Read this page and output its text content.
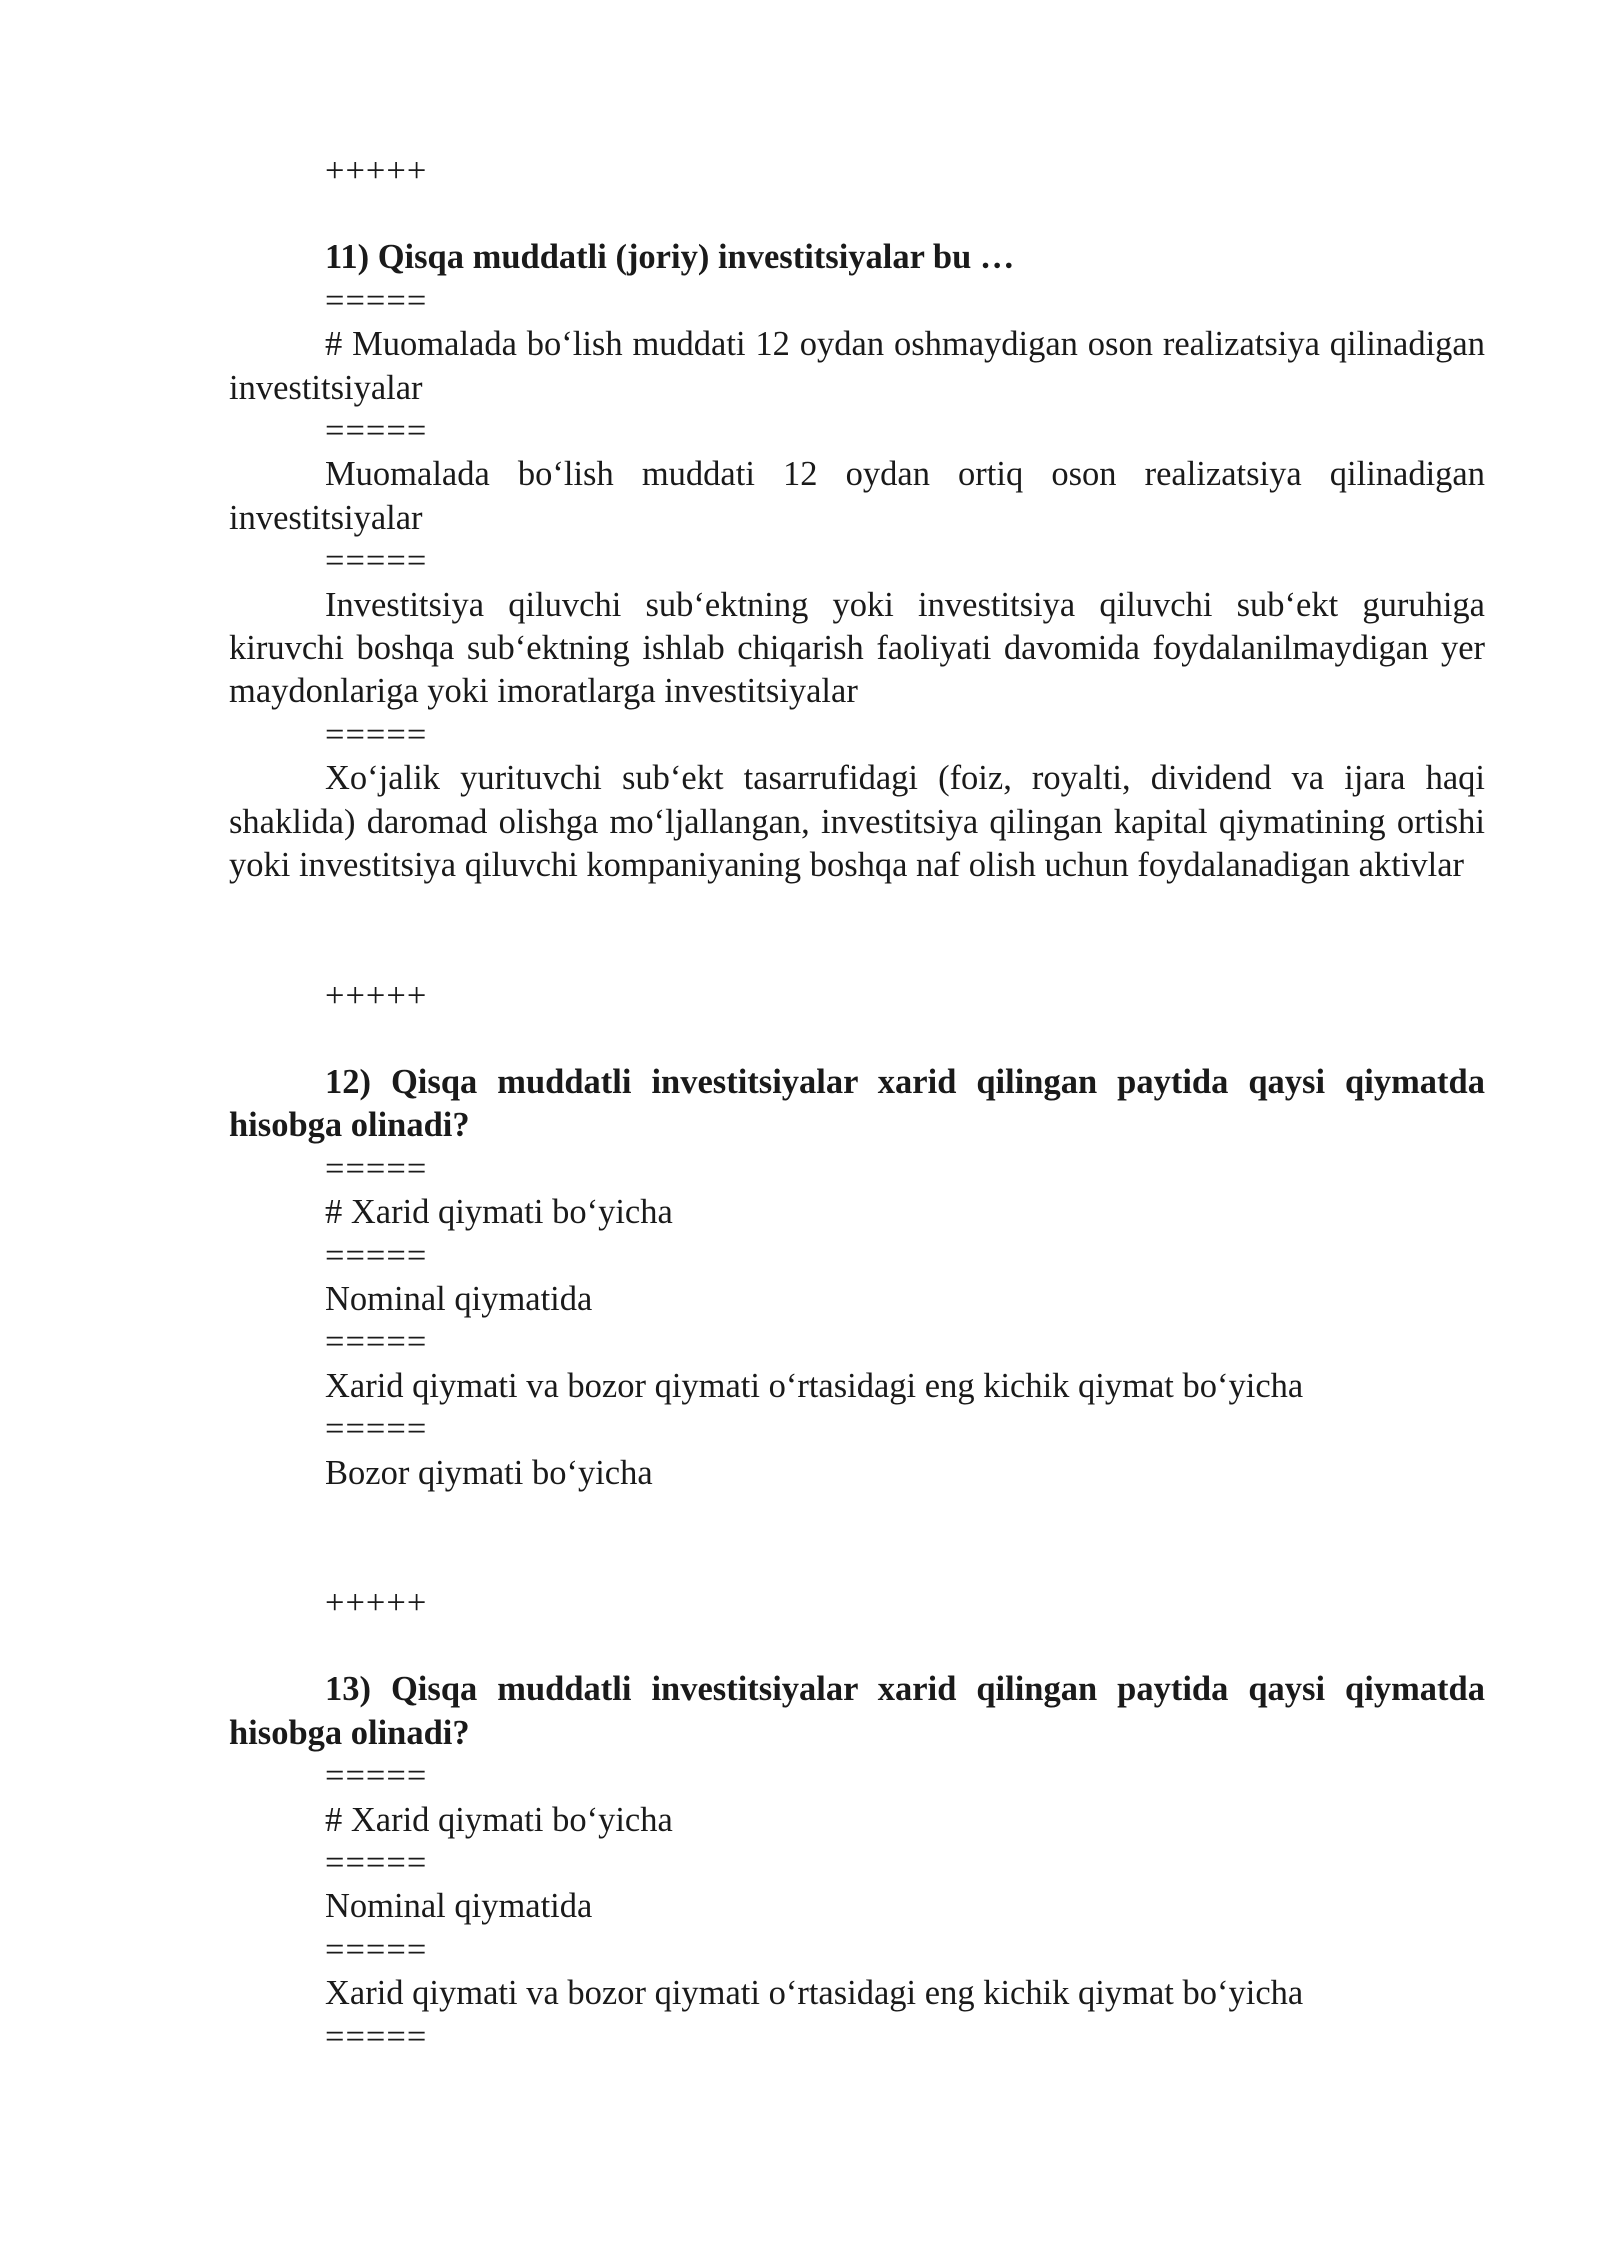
+++++
11) Qisqa muddatli (joriy) investitsiyalar bu …
=====
# Muomalada bo‘lish muddati 12 oydan oshmaydigan oson realizatsiya qilinadigan investitsiyalar
=====
Muomalada bo‘lish muddati 12 oydan ortiq oson realizatsiya qilinadigan investitsiyalar
=====
Investitsiya qiluvchi sub‘ektning yoki investitsiya qiluvchi sub‘ekt guruhiga kiruvchi boshqa sub‘ektning ishlab chiqarish faoliyati davomida foydalanilmaydigan yer maydonlariga yoki imoratlarga investitsiyalar
=====
Xo‘jalik yurituvchi sub‘ekt tasarrufidagi (foiz, royalti, dividend va ijara haqi shaklida) daromad olishga mo‘ljallangan, investitsiya qilingan kapital qiymatining ortishi yoki investitsiya qiluvchi kompaniyaning boshqa naf olish uchun foydalanadigan aktivlar
+++++
12) Qisqa muddatli investitsiyalar xarid qilingan paytida qaysi qiymatda hisobga olinadi?
=====
# Xarid qiymati bo‘yicha
=====
Nominal qiymatida
=====
Xarid qiymati va bozor qiymati o‘rtasidagi eng kichik qiymat bo‘yicha
=====
Bozor qiymati bo‘yicha
+++++
13) Qisqa muddatli investitsiyalar xarid qilingan paytida qaysi qiymatda hisobga olinadi?
=====
# Xarid qiymati bo‘yicha
=====
Nominal qiymatida
=====
Xarid qiymati va bozor qiymati o‘rtasidagi eng kichik qiymat bo‘yicha
=====
